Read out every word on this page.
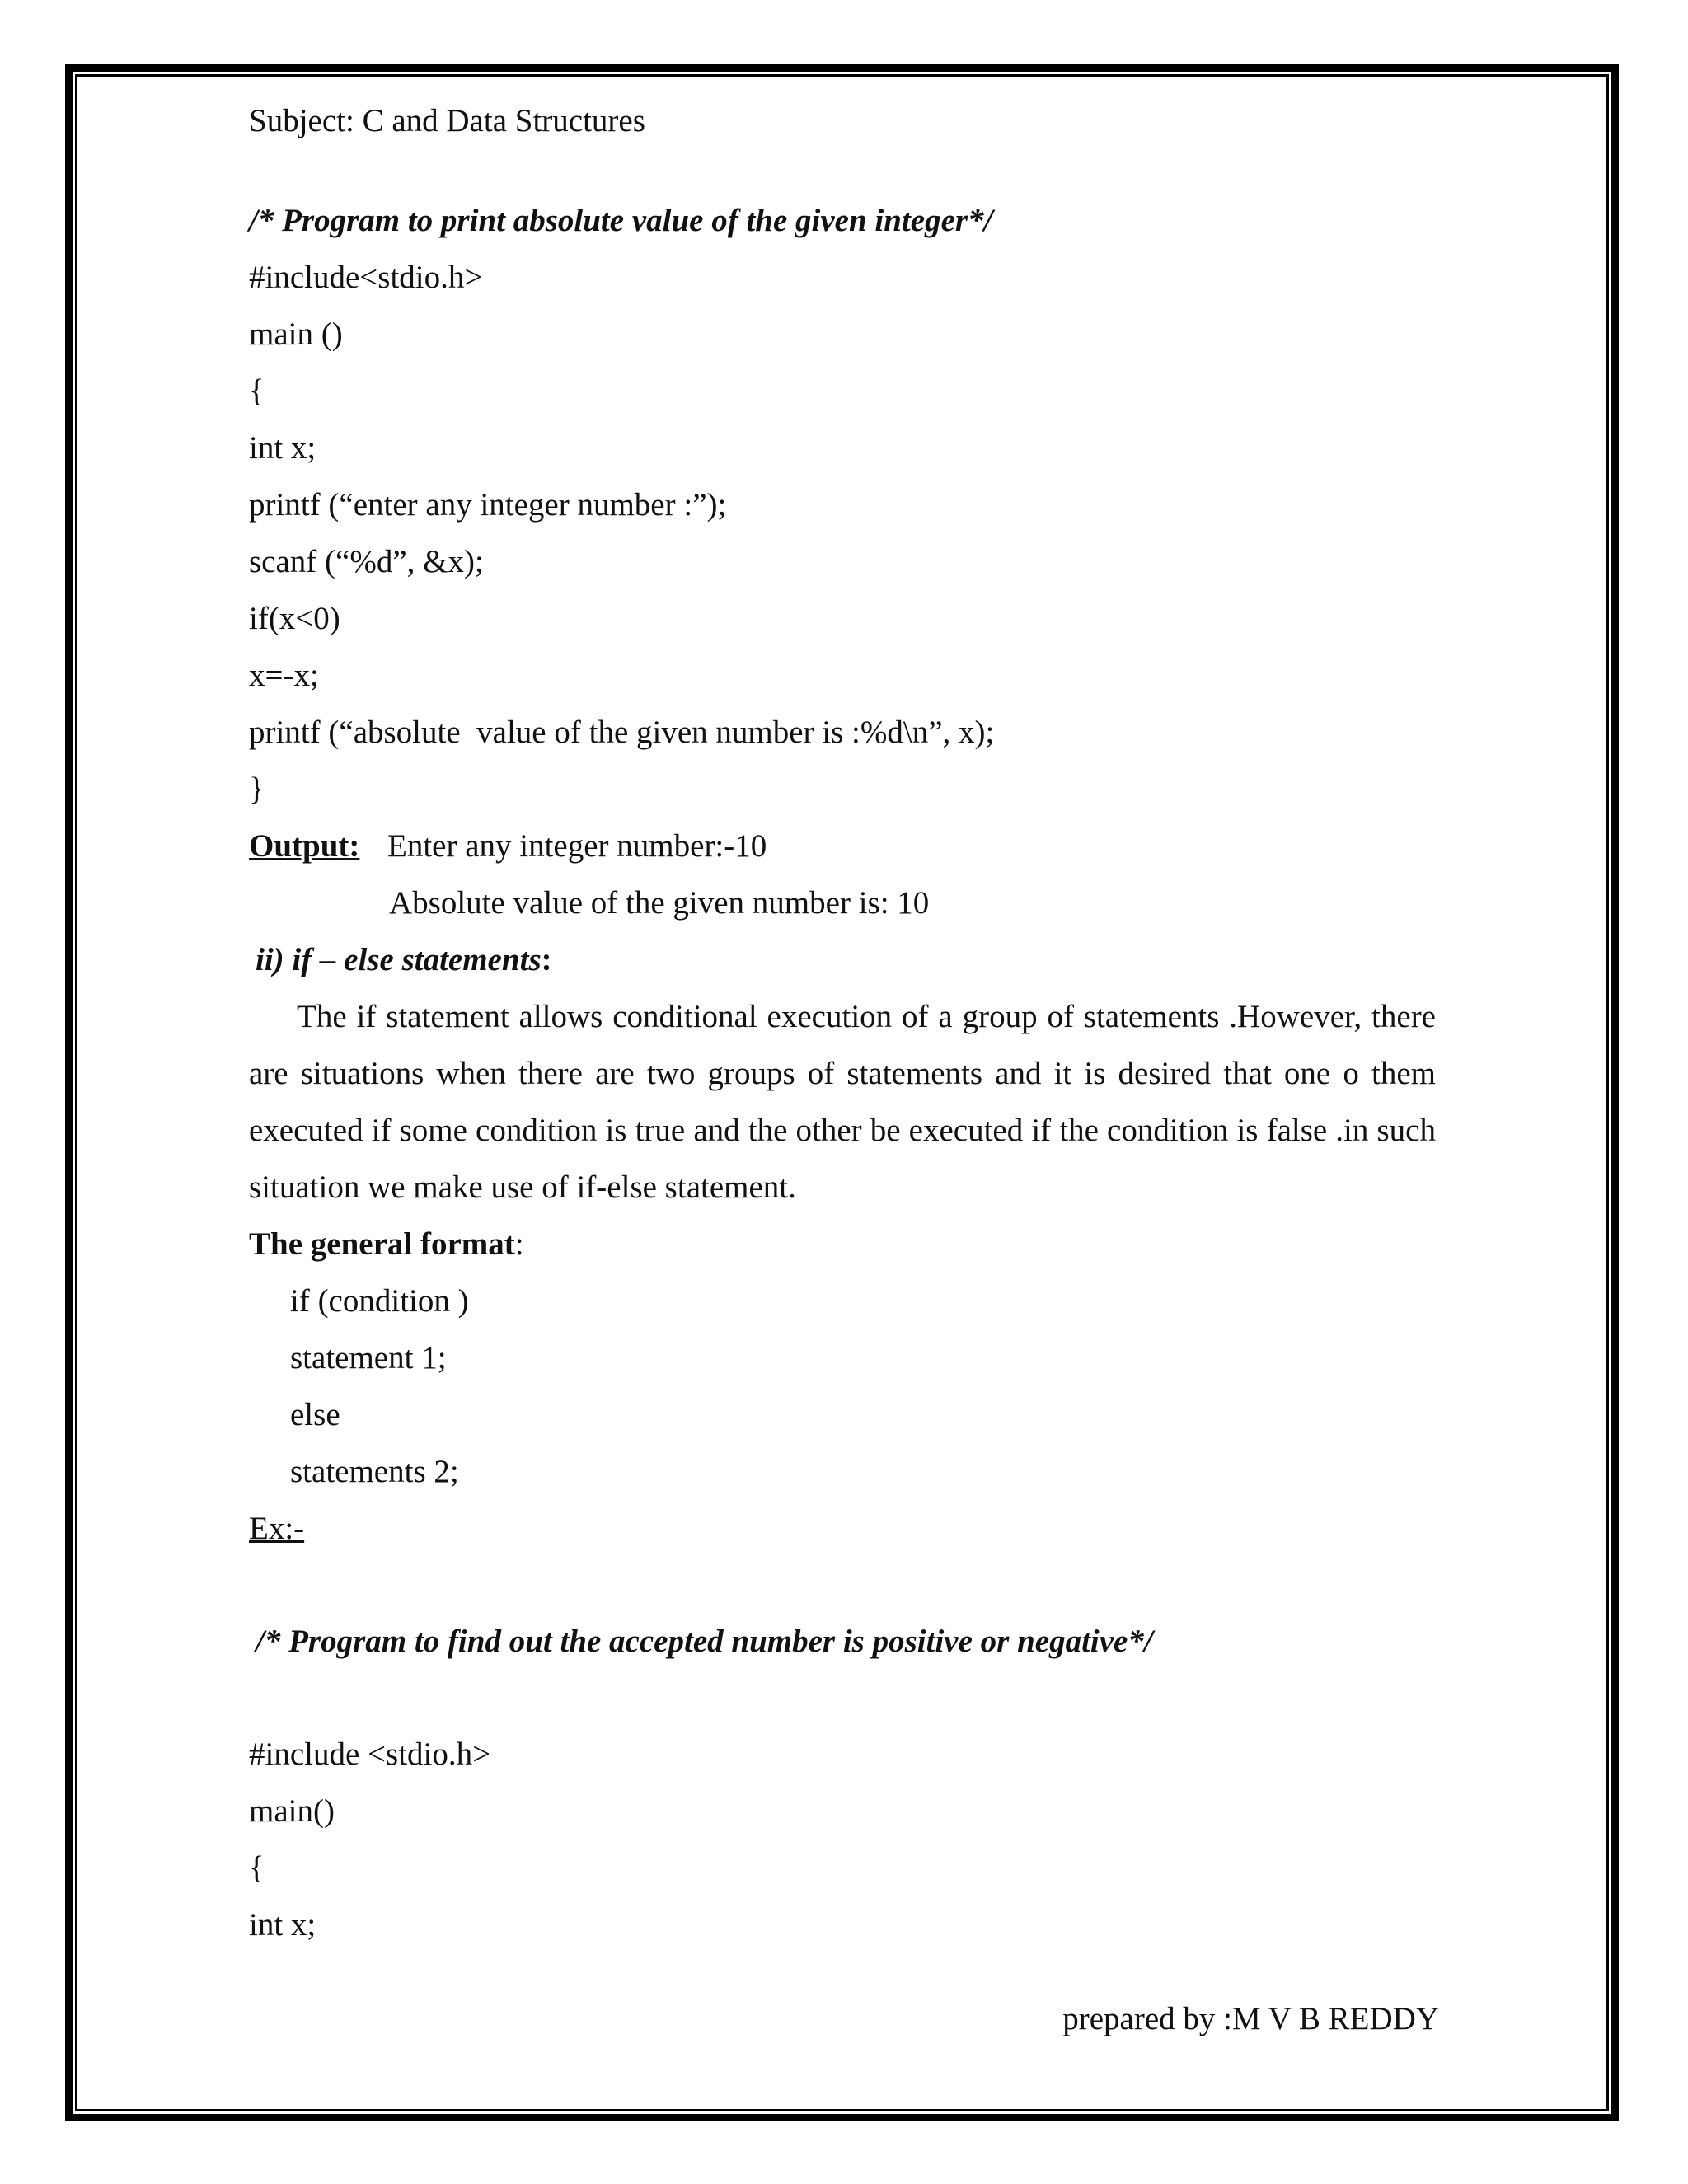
Subject: C and Data Structures
/* Program to print absolute value of the given integer*/
#include<stdio.h>
main ()
{
int x;
printf (“enter any integer number :”);
scanf (“%d”, &x);
if(x<0)
x=-x;
printf (“absolute  value of the given number is :%d\n”, x);
}
Output: Enter any integer number:-10
Absolute value of the given number is: 10
ii) if – else statements:
The if statement allows conditional execution of a group of statements .However, there are situations when there are two groups of statements and it is desired that one o them executed if some condition is true and the other be executed if the condition is false .in such situation we make use of if-else statement.
The general format:
if (condition )
statement 1;
else
statements 2;
Ex:-
/* Program to find out the accepted number is positive or negative*/
#include <stdio.h>
main()
{
int x;
prepared by :M V B REDDY
